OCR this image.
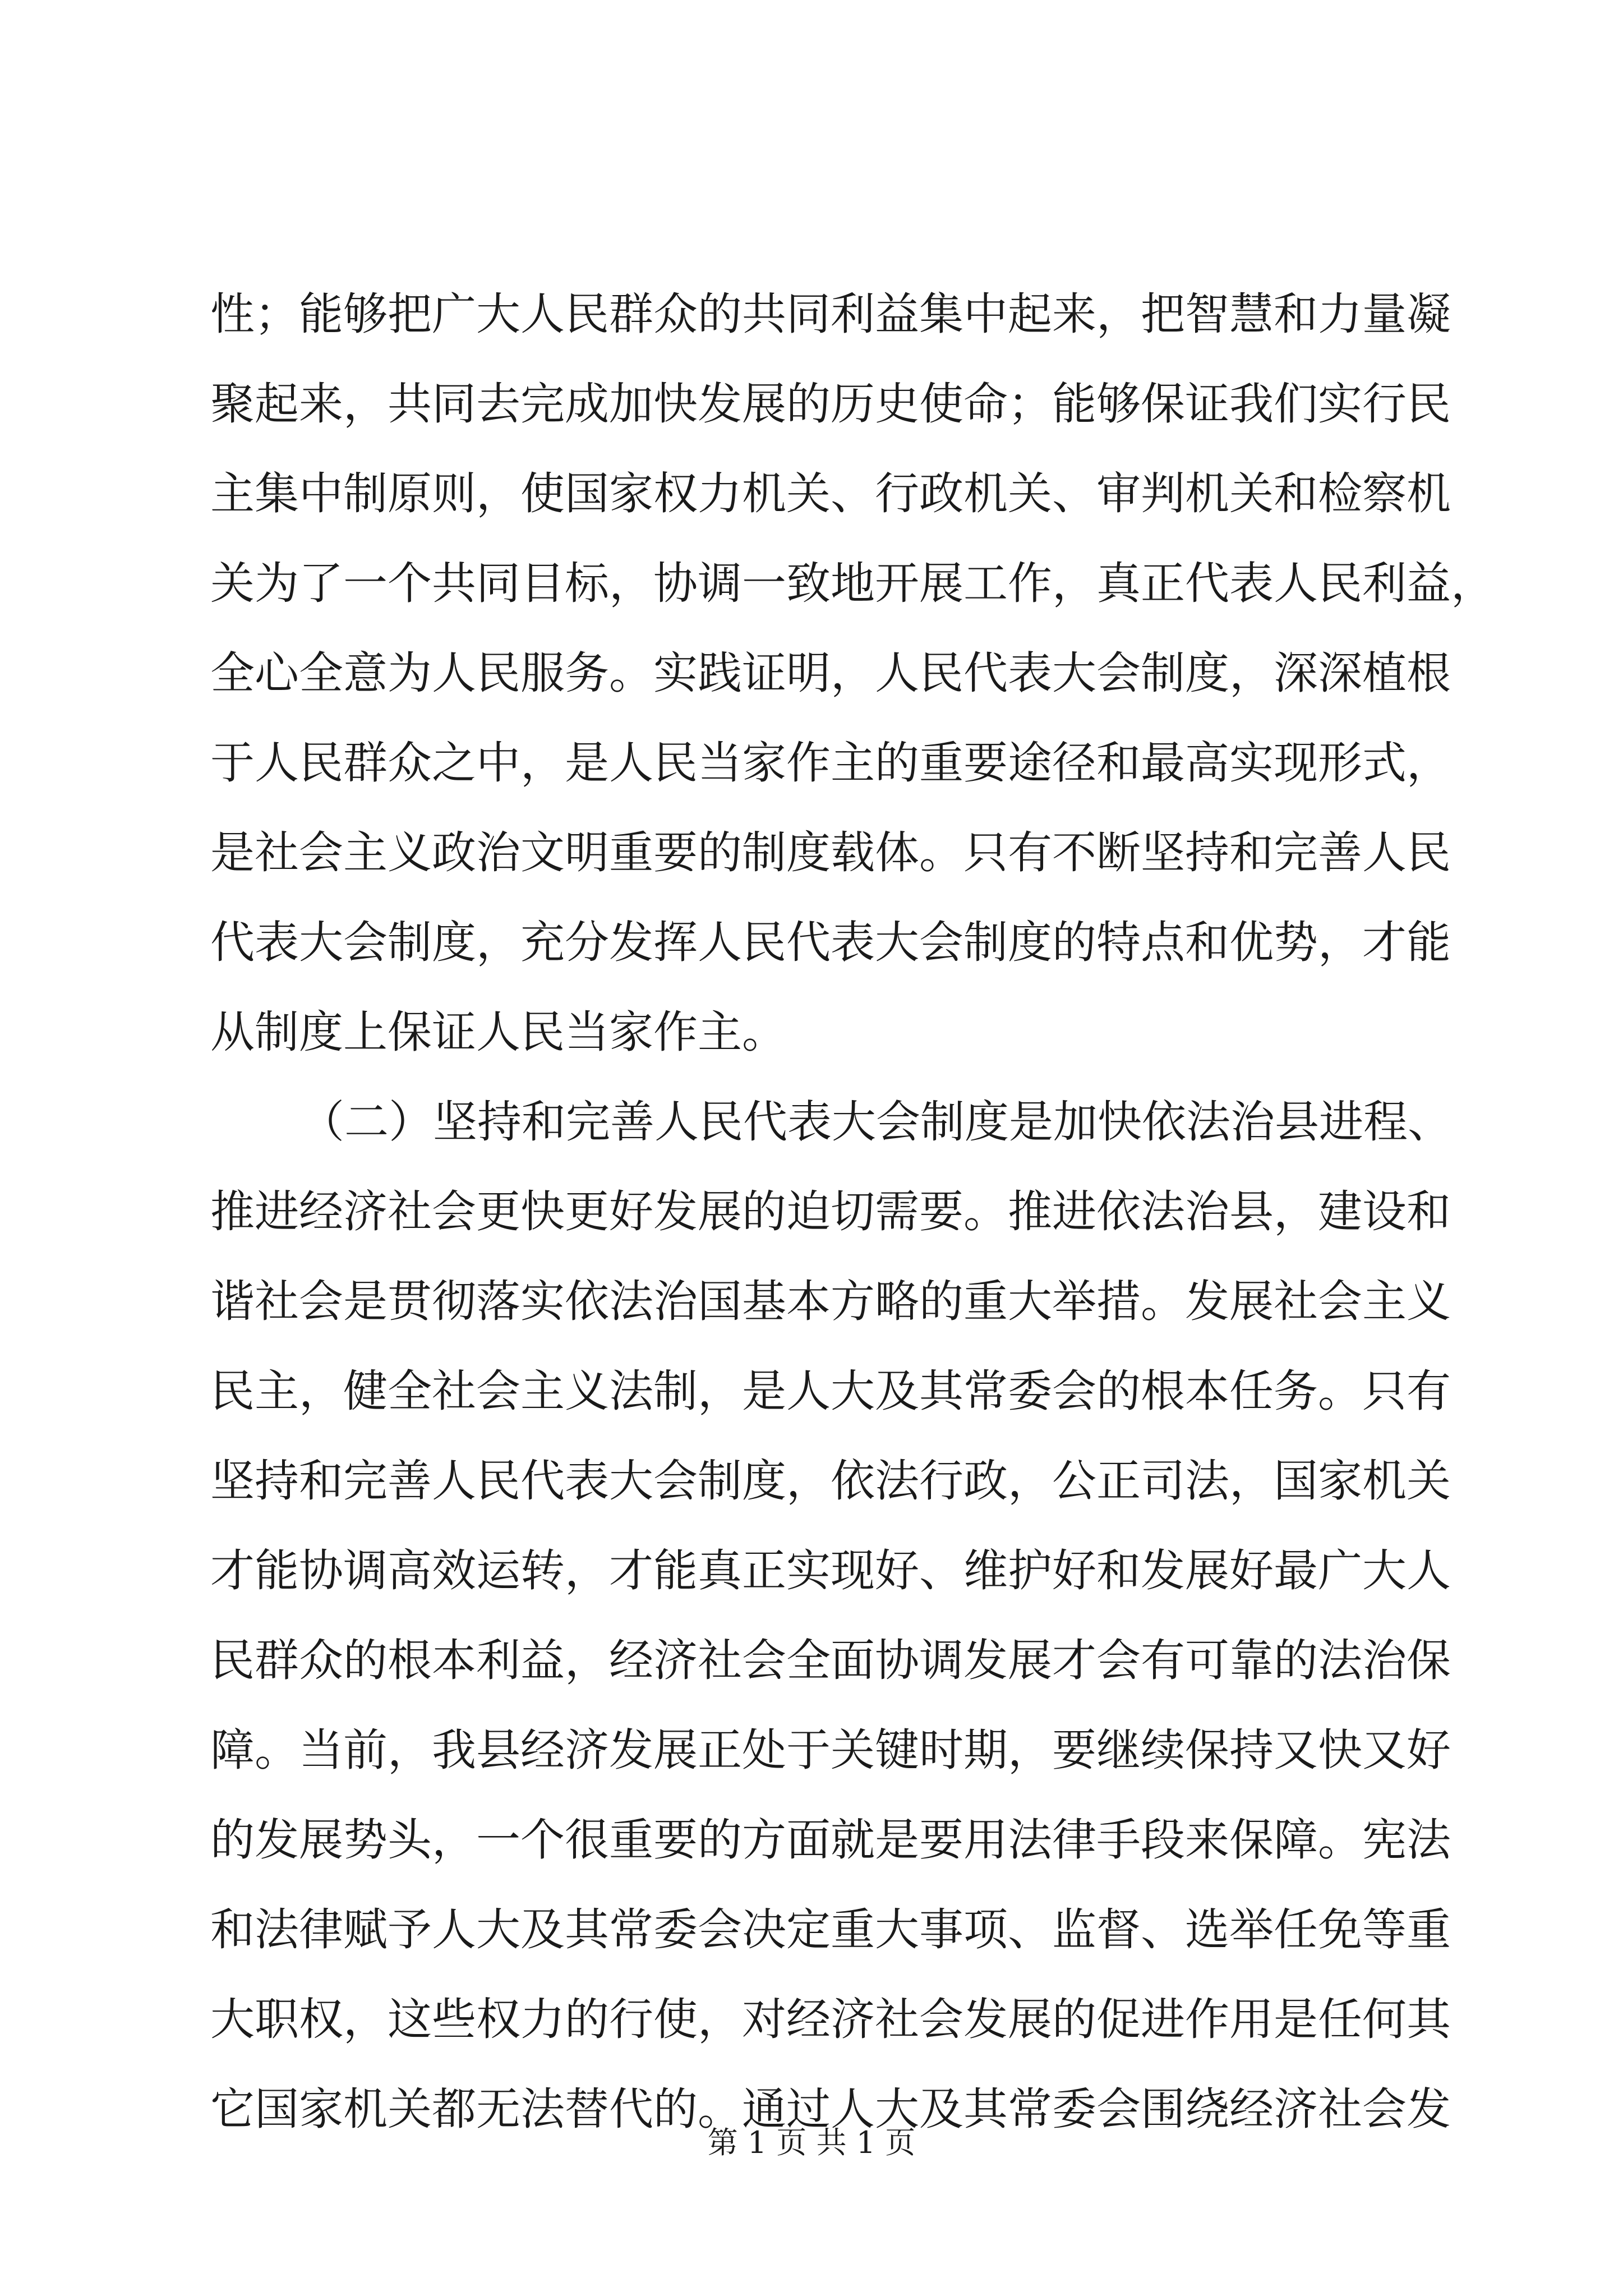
性；能够把广大人民群众的共同利益集中起来，把智慧和力量凝
聚起来，共同去完成加快发展的历史使命；能够保证我们实行民
主集中制原则，使国家权力机关、行政机关、审判机关和检察机
关为了一个共同目标，协调一致地开展工作，真正代表人民利益，
全心全意为人民服务。实践证明，人民代表大会制度，深深植根
于人民群众之中，是人民当家作主的重要途径和最高实现形式，
是社会主义政治文明重要的制度载体。只有不断坚持和完善人民
代表大会制度，充分发挥人民代表大会制度的特点和优势，才能
从制度上保证人民当家作主。
（二）坚持和完善人民代表大会制度是加快依法治县进程、
推进经济社会更快更好发展的迫切需要。推进依法治县，建设和
谐社会是贯彻落实依法治国基本方略的重大举措。发展社会主义
民主，健全社会主义法制，是人大及其常委会的根本任务。只有
坚持和完善人民代表大会制度，依法行政，公正司法，国家机关
才能协调高效运转，才能真正实现好、维护好和发展好最广大人
民群众的根本利益，经济社会全面协调发展才会有可靠的法治保
障。当前，我县经济发展正处于关键时期，要继续保持又快又好
的发展势头，一个很重要的方面就是要用法律手段来保障。宪法
和法律赋予人大及其常委会决定重大事项、监督、选举任免等重
大职权，这些权力的行使，对经济社会发展的促进作用是任何其
它国家机关都无法替代的。通过人大及其常委会围绕经济社会发
第 1 页 共 1 页
